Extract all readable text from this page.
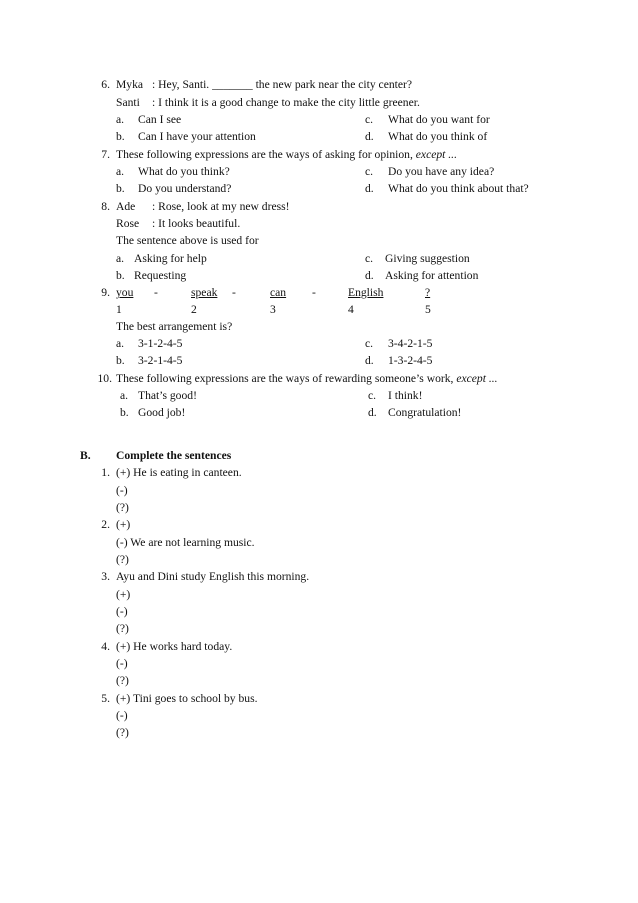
6. Myka : Hey, Santi. _______ the new park near the city center?
Santi : I think it is a good change to make the city little greener.
a. Can I see	c. What do you want for
b. Can I have your attention	d. What do you think of
7. These following expressions are the ways of asking for opinion, except ...
a. What do you think?	c. Do you have any idea?
b. Do you understand?	d. What do you think about that?
8. Ade : Rose, look at my new dress!
Rose : It looks beautiful.
The sentence above is used for
a. Asking for help	c. Giving suggestion
b. Requesting	d. Asking for attention
9. you -	speak -	can -	English	?
1	2	3	4	5
The best arrangement is?
a. 3-1-2-4-5	c. 3-4-2-1-5
b. 3-2-1-4-5	d. 1-3-2-4-5
10. These following expressions are the ways of rewarding someone’s work, except ...
a. That’s good!	c. I think!
b. Good job!	d. Congratulation!
B. Complete the sentences
1. (+) He is eating in canteen.
(-)
(?)
2. (+)
(-) We are not learning music.
(?)
3. Ayu and Dini study English this morning.
(+)
(-)
(?)
4. (+) He works hard today.
(-)
(?)
5. (+) Tini goes to school by bus.
(-)
(?)
